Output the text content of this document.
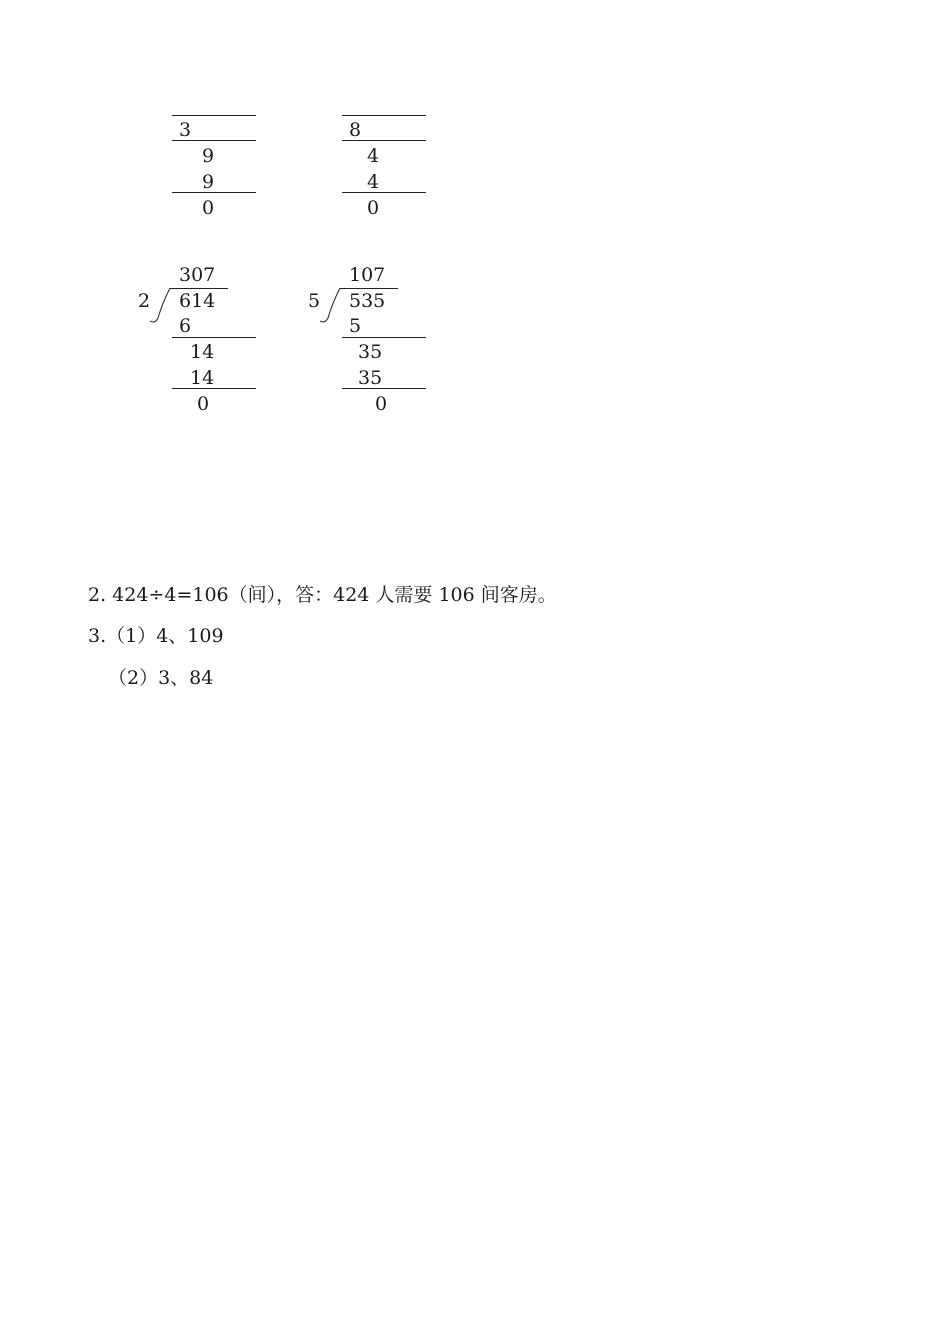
3
9
9
0
8
4
4
0
307
2 614
6
14
14
0
107
5 535
5
35
35
0
2. 424÷4=106（间），答：424 人需要 106 间客房。
3.（1）4、109
（2）3、84
